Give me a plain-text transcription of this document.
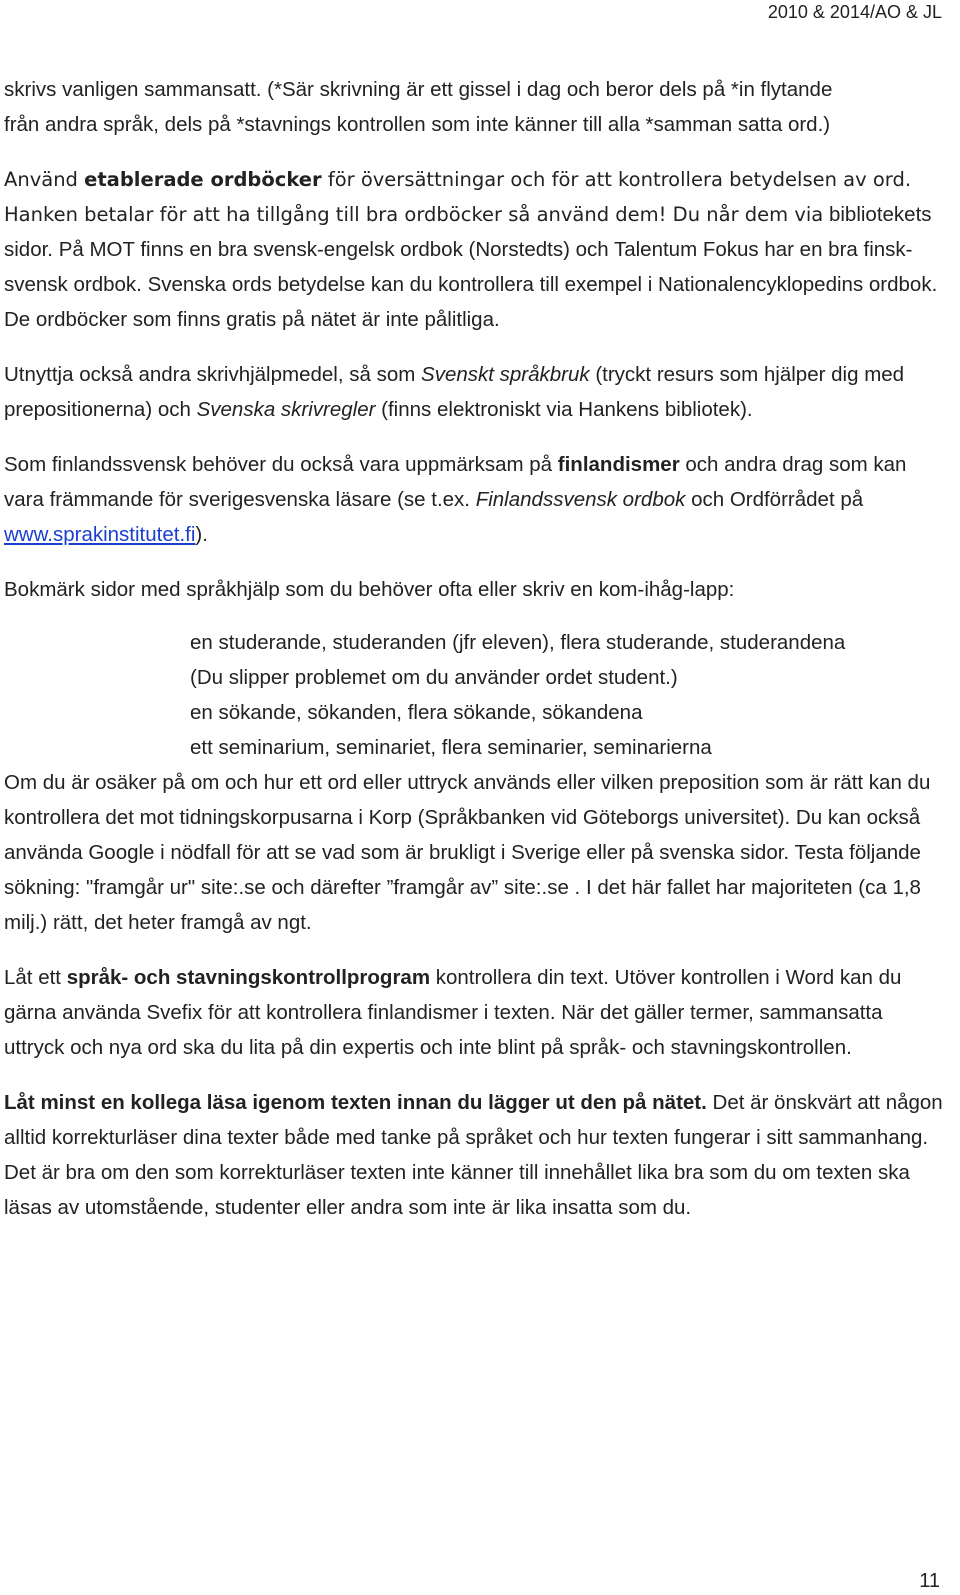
2010 & 2014/AO & JL

skrivs vanligen sammansatt. (*Sär skrivning är ett gissel i dag och beror dels på *in flytande
från andra språk, dels på *stavnings kontrollen som inte känner till alla *samman satta ord.)

Använd etablerade ordböcker för översättningar och för att kontrollera betydelsen av ord. Hanken betalar för att ha tillgång till bra ordböcker så använd dem! Du når dem via bibliotekets sidor. På MOT finns en bra svensk-engelsk ordbok (Norstedts) och Talentum Fokus har en bra finsk-svensk ordbok. Svenska ords betydelse kan du kontrollera till exempel i Nationalencyklopedins ordbok. De ordböcker som finns gratis på nätet är inte pålitliga.

Utnyttja också andra skrivhjälpmedel, så som Svenskt språkbruk (tryckt resurs som hjälper dig med prepositionerna) och Svenska skrivregler (finns elektroniskt via Hankens bibliotek).

Som finlandssvensk behöver du också vara uppmärksam på finlandismer och andra drag som kan vara främmande för sverigesvenska läsare (se t.ex. Finlandssvensk ordbok och Ordförrådet på www.sprakinstitutet.fi).

Bokmärk sidor med språkhjälp som du behöver ofta eller skriv en kom-ihåg-lapp:

en studerande, studeranden (jfr eleven), flera studerande, studerandena
(Du slipper problemet om du använder ordet student.)
en sökande, sökanden, flera sökande, sökandena
ett seminarium, seminariet, flera seminarier, seminarierna

Om du är osäker på om och hur ett ord eller uttryck används eller vilken preposition som är rätt kan du kontrollera det mot tidningskorpusarna i Korp (Språkbanken vid Göteborgs universitet). Du kan också använda Google i nödfall för att se vad som är brukligt i Sverige eller på svenska sidor. Testa följande sökning: "framgår ur" site:.se och därefter ”framgår av” site:.se . I det här fallet har majoriteten (ca 1,8 milj.) rätt, det heter framgå av ngt.

Låt ett språk- och stavningskontrollprogram kontrollera din text. Utöver kontrollen i Word kan du gärna använda Svefix för att kontrollera finlandismer i texten. När det gäller termer, sammansatta uttryck och nya ord ska du lita på din expertis och inte blint på språk- och stavningskontrollen.

Låt minst en kollega läsa igenom texten innan du lägger ut den på nätet. Det är önskvärt att någon alltid korrekturläser dina texter både med tanke på språket och hur texten fungerar i sitt sammanhang. Det är bra om den som korrekturläser texten inte känner till innehållet lika bra som du om texten ska läsas av utomstående, studenter eller andra som inte är lika insatta som du.

11
